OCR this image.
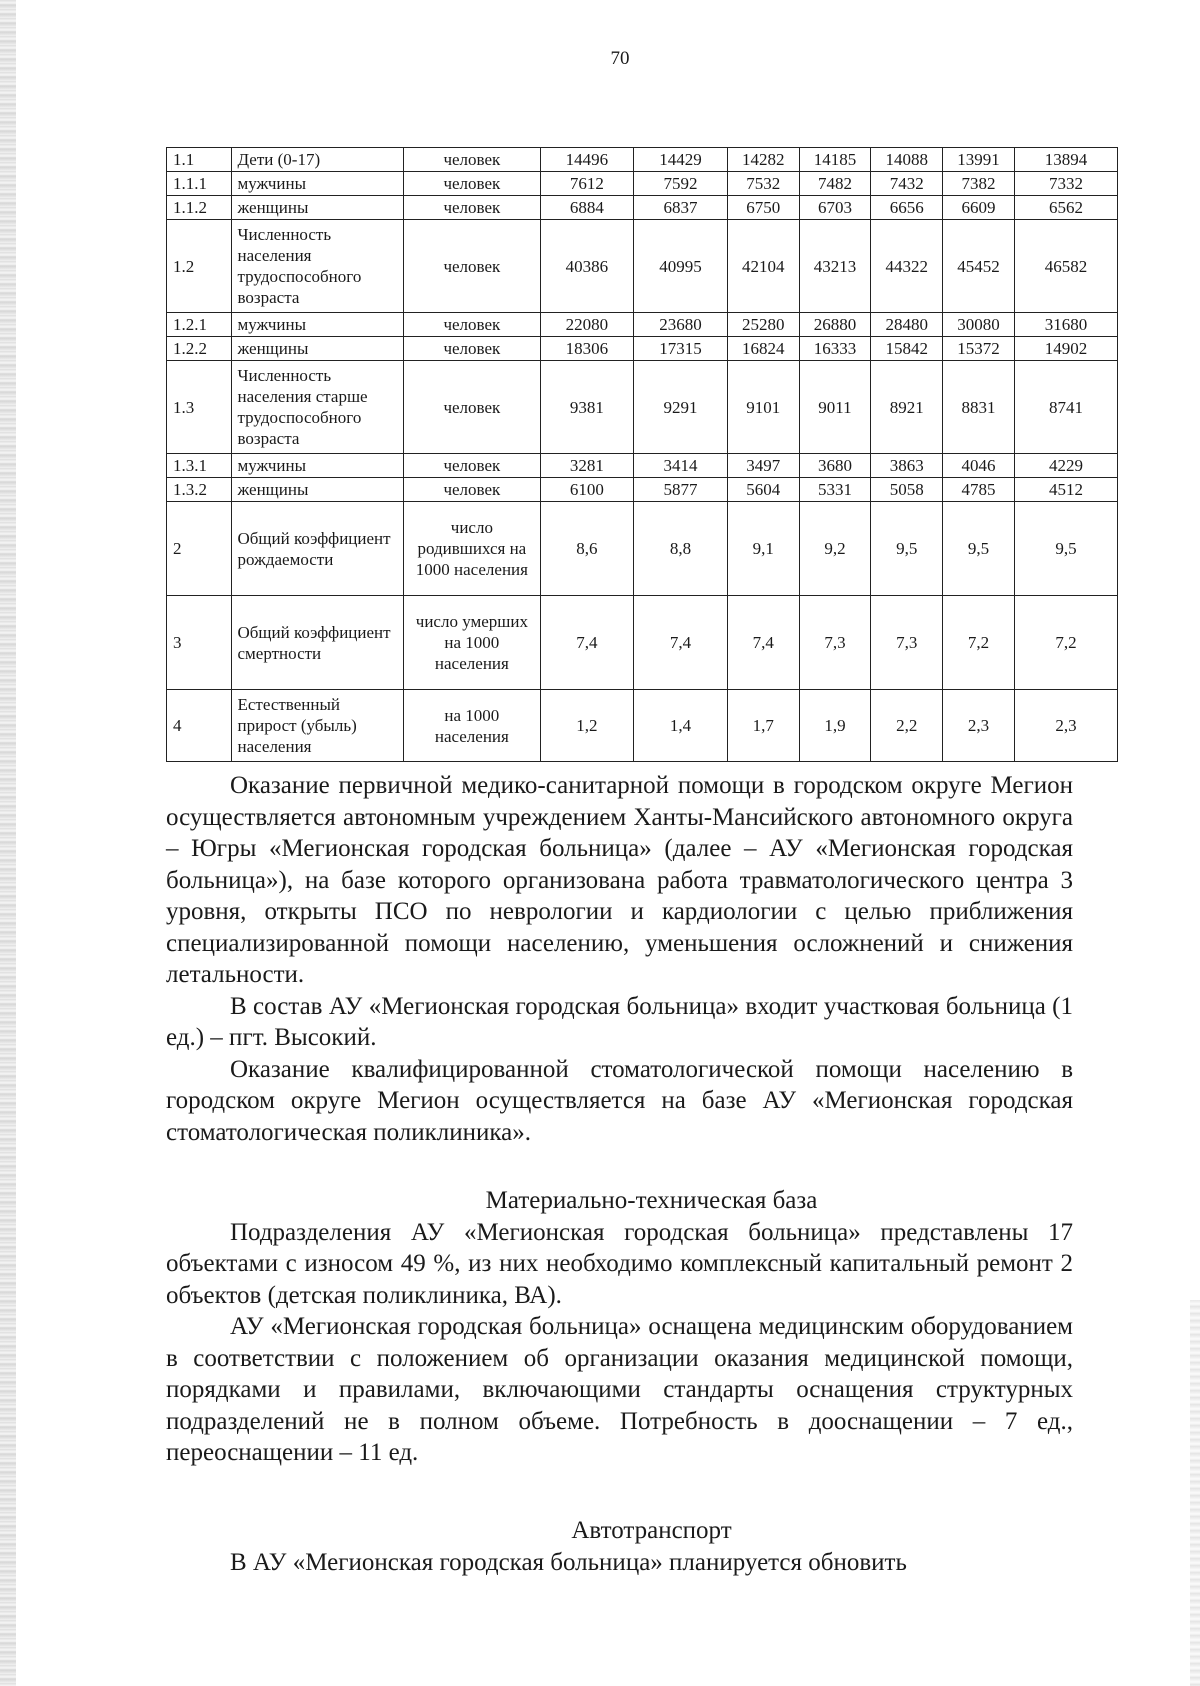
70
1.1	Дети (0-17)	человек	14496	14429	14282	14185	14088	13991	13894
1.1.1	мужчины	человек	7612	7592	7532	7482	7432	7382	7332
1.1.2	женщины	человек	6884	6837	6750	6703	6656	6609	6562
1.2	Численность населения трудоспособного возраста	человек	40386	40995	42104	43213	44322	45452	46582
1.2.1	мужчины	человек	22080	23680	25280	26880	28480	30080	31680
1.2.2	женщины	человек	18306	17315	16824	16333	15842	15372	14902
1.3	Численность населения старше трудоспособного возраста	человек	9381	9291	9101	9011	8921	8831	8741
1.3.1	мужчины	человек	3281	3414	3497	3680	3863	4046	4229
1.3.2	женщины	человек	6100	5877	5604	5331	5058	4785	4512
2	Общий коэффициент рождаемости	число родившихся на 1000 населения	8,6	8,8	9,1	9,2	9,5	9,5	9,5
3	Общий коэффициент смертности	число умерших на 1000 населения	7,4	7,4	7,4	7,3	7,3	7,2	7,2
4	Естественный прирост (убыль) населения	на 1000 населения	1,2	1,4	1,7	1,9	2,2	2,3	2,3

Оказание первичной медико-санитарной помощи в городском округе Мегион осуществляется автономным учреждением Ханты-Мансийского автономного округа – Югры «Мегионская городская больница» (далее – АУ «Мегионская городская больница»), на базе которого организована работа травматологического центра 3 уровня, открыты ПСО по неврологии и кардиологии с целью приближения специализированной помощи населению, уменьшения осложнений и снижения летальности.

В состав АУ «Мегионская городская больница» входит участковая больница (1 ед.) – пгт. Высокий.

Оказание квалифицированной стоматологической помощи населению в городском округе Мегион осуществляется на базе АУ «Мегионская городская стоматологическая поликлиника».

Материально-техническая база

Подразделения АУ «Мегионская городская больница» представлены 17 объектами с износом 49 %, из них необходимо комплексный капитальный ремонт 2 объектов (детская поликлиника, ВА).

АУ «Мегионская городская больница» оснащена медицинским оборудованием в соответствии с положением об организации оказания медицинской помощи, порядками и правилами, включающими стандарты оснащения структурных подразделений не в полном объеме. Потребность в дооснащении – 7 ед., переоснащении – 11 ед.

Автотранспорт

В АУ «Мегионская городская больница» планируется обновить
